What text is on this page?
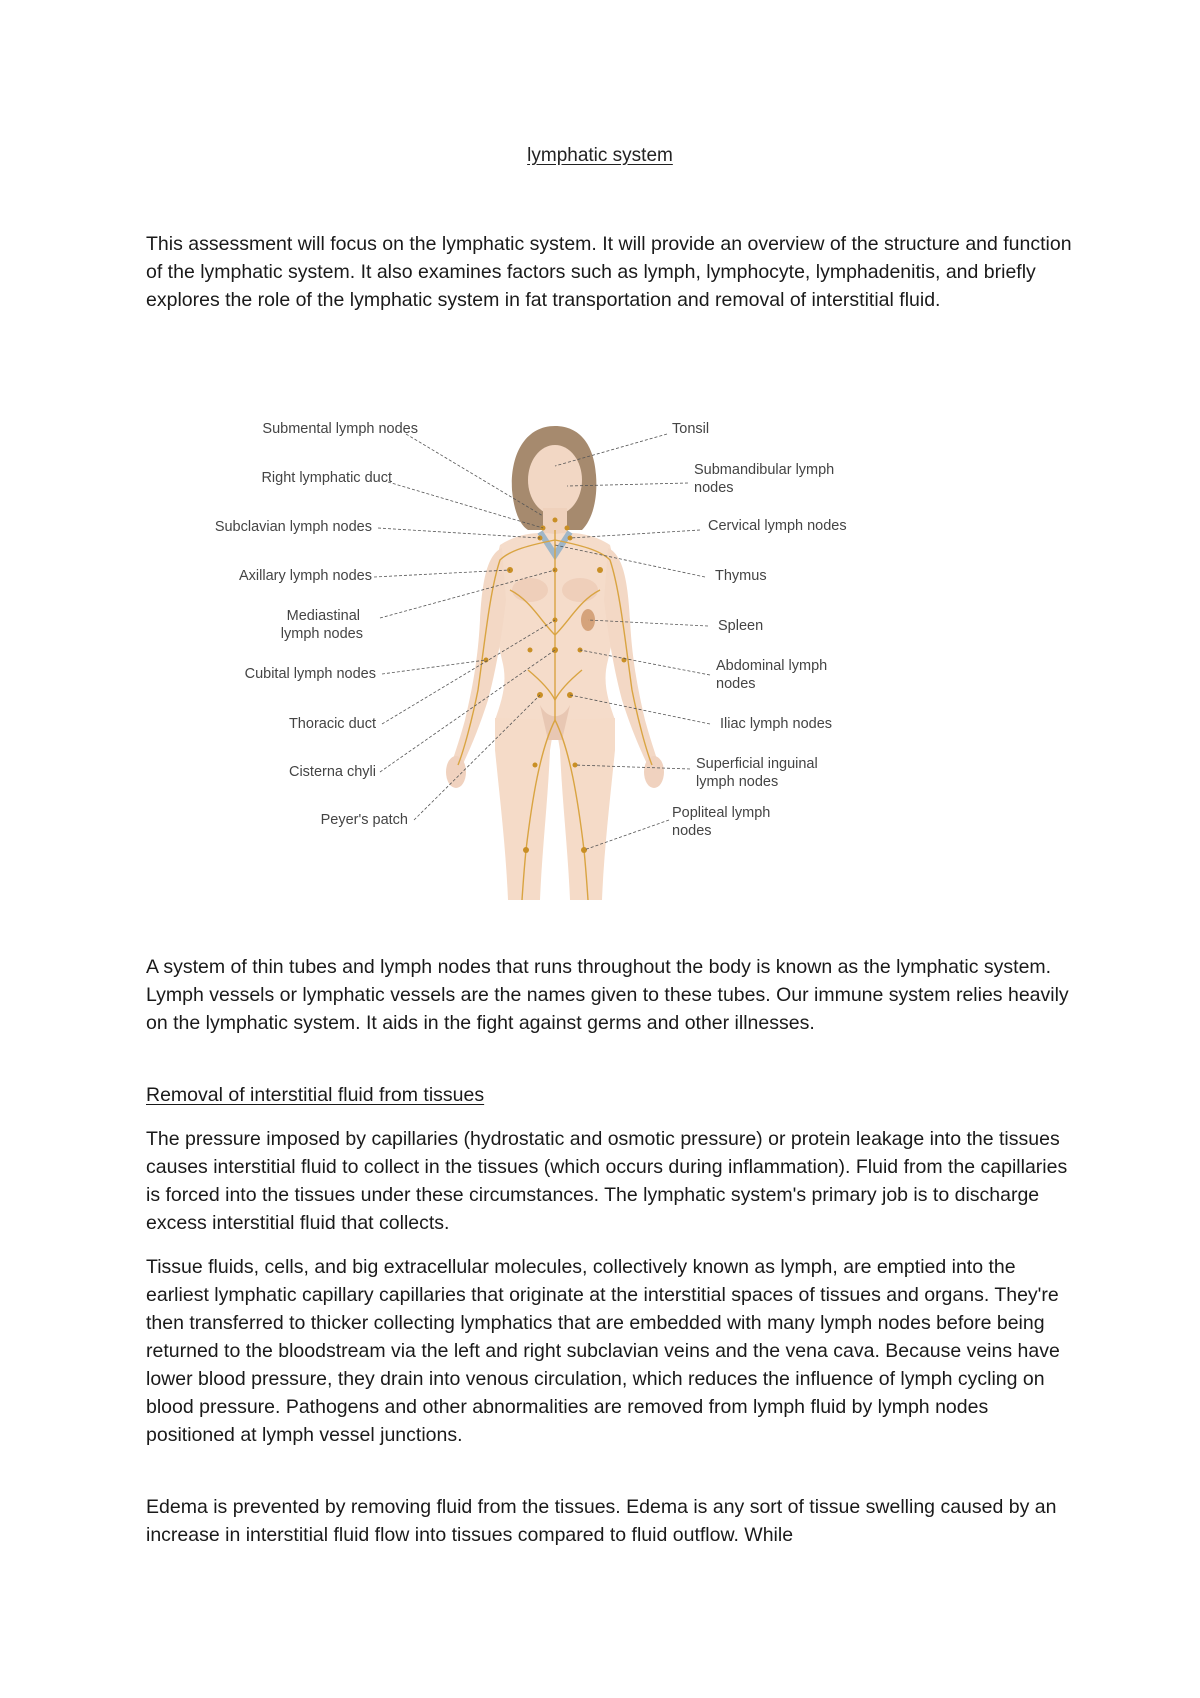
lymphatic system

This assessment will focus on the lymphatic system. It will provide an overview of the structure and function of the lymphatic system. It also examines factors such as lymph, lymphocyte, lymphadenitis, and briefly explores the role of the lymphatic system in fat transportation and removal of interstitial fluid.

Submental lymph nodes
Right lymphatic duct
Subclavian lymph nodes
Axillary lymph nodes
Mediastinal
lymph nodes
Cubital lymph nodes
Thoracic duct
Cisterna chyli
Peyer's patch
Tonsil
Submandibular lymph
nodes
Cervical lymph nodes
Thymus
Spleen
Abdominal lymph
nodes
Iliac lymph nodes
Superficial inguinal
lymph nodes
Popliteal lymph
nodes

A system of thin tubes and lymph nodes that runs throughout the body is known as the lymphatic system. Lymph vessels or lymphatic vessels are the names given to these tubes. Our immune system relies heavily on the lymphatic system. It aids in the fight against germs and other illnesses.

Removal of interstitial fluid from tissues

The pressure imposed by capillaries (hydrostatic and osmotic pressure) or protein leakage into the tissues causes interstitial fluid to collect in the tissues (which occurs during inflammation). Fluid from the capillaries is forced into the tissues under these circumstances. The lymphatic system's primary job is to discharge excess interstitial fluid that collects.

Tissue fluids, cells, and big extracellular molecules, collectively known as lymph, are emptied into the earliest lymphatic capillary capillaries that originate at the interstitial spaces of tissues and organs. They're then transferred to thicker collecting lymphatics that are embedded with many lymph nodes before being returned to the bloodstream via the left and right subclavian veins and the vena cava. Because veins have lower blood pressure, they drain into venous circulation, which reduces the influence of lymph cycling on blood pressure. Pathogens and other abnormalities are removed from lymph fluid by lymph nodes positioned at lymph vessel junctions.

Edema is prevented by removing fluid from the tissues. Edema is any sort of tissue swelling caused by an increase in interstitial fluid flow into tissues compared to fluid outflow. While
